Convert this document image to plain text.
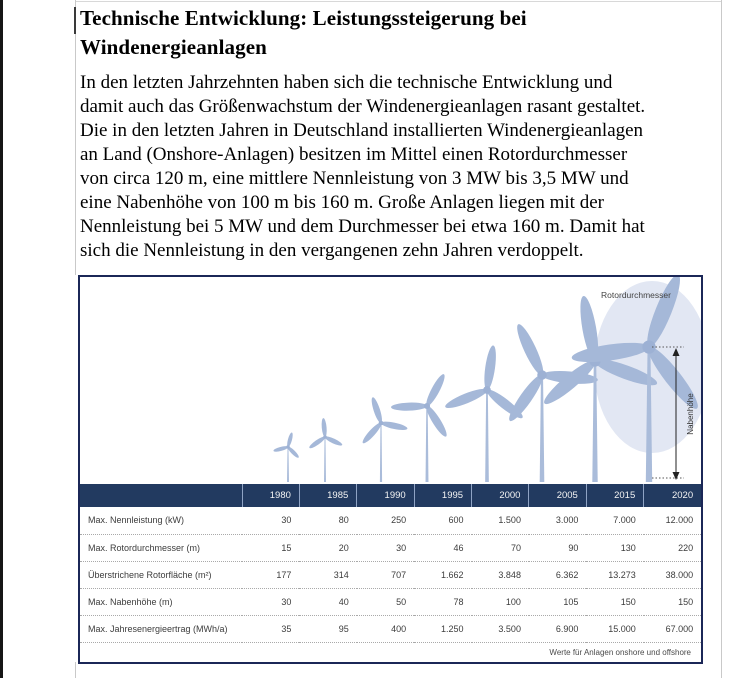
Technische Entwicklung: Leistungssteigerung bei
Windenergieanlagen
In den letzten Jahrzehnten haben sich die technische Entwicklung und
damit auch das Größenwachstum der Windenergieanlagen rasant gestaltet.
Die in den letzten Jahren in Deutschland installierten Windenergieanlagen
an Land (Onshore-Anlagen) besitzen im Mittel einen Rotordurchmesser
von circa 120 m, eine mittlere Nennleistung von 3 MW bis 3,5 MW und
eine Nabenhöhe von 100 m bis 160 m. Große Anlagen liegen mit der
Nennleistung bei 5 MW und dem Durchmesser bei etwa 160 m. Damit hat
sich die Nennleistung in den vergangenen zehn Jahren verdoppelt.
Rotordurchmesser
Nabenhöhe
	1980	1985	1990	1995	2000	2005	2015	2020
Max. Nennleistung (kW)	30	80	250	600	1.500	3.000	7.000	12.000
Max. Rotordurchmesser (m)	15	20	30	46	70	90	130	220
Überstrichene Rotorfläche (m²)	177	314	707	1.662	3.848	6.362	13.273	38.000
Max. Nabenhöhe (m)	30	40	50	78	100	105	150	150
Max. Jahresenergieertrag (MWh/a)	35	95	400	1.250	3.500	6.900	15.000	67.000
Werte für Anlagen onshore und offshore
